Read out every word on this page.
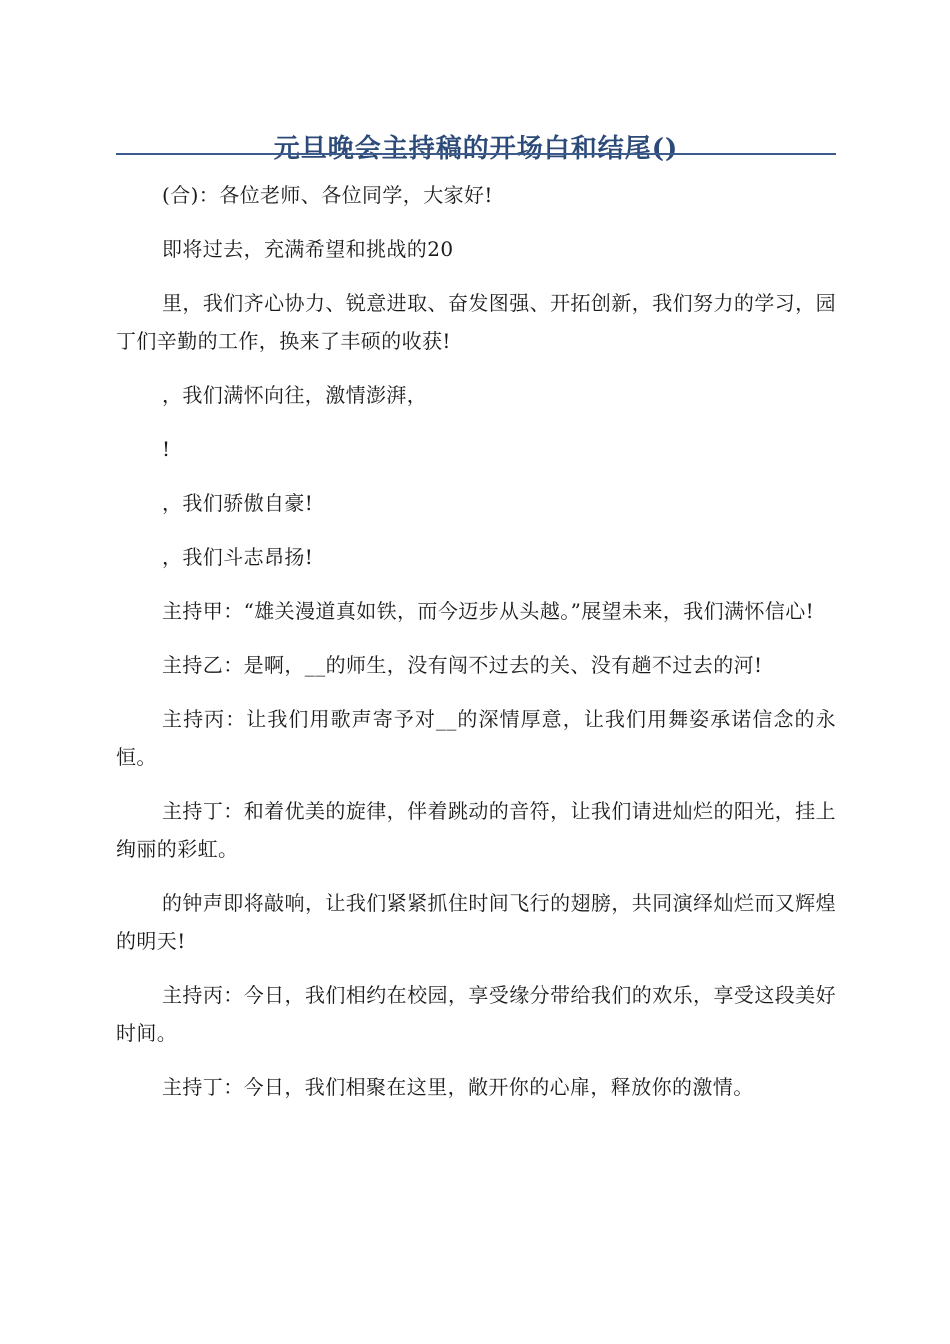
元旦晚会主持稿的开场白和结尾()

(合)：各位老师、各位同学，大家好!

即将过去，充满希望和挑战的20

里，我们齐心协力、锐意进取、奋发图强、开拓创新，我们努力的学习，园丁们辛勤的工作，换来了丰硕的收获!

，我们满怀向往，激情澎湃，

!

，我们骄傲自豪!

，我们斗志昂扬!

主持甲：“雄关漫道真如铁，而今迈步从头越。”展望未来，我们满怀信心!

主持乙：是啊，__的师生，没有闯不过去的关、没有趟不过去的河!

主持丙：让我们用歌声寄予对__的深情厚意，让我们用舞姿承诺信念的永恒。

主持丁：和着优美的旋律，伴着跳动的音符，让我们请进灿烂的阳光，挂上绚丽的彩虹。

的钟声即将敲响，让我们紧紧抓住时间飞行的翅膀，共同演绎灿烂而又辉煌的明天!

主持丙：今日，我们相约在校园，享受缘分带给我们的欢乐，享受这段美好时间。

主持丁：今日，我们相聚在这里，敞开你的心扉，释放你的激情。
